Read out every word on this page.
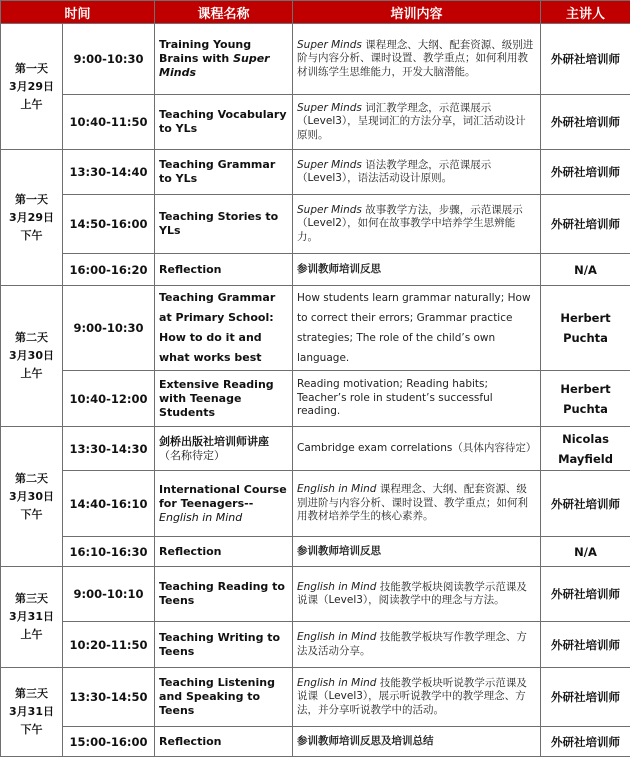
时间		课程名称	培训内容	主讲人

第一天
3月29日
上午	9:00-10:30	Training Young Brains with Super Minds	Super Minds 课程理念、大纲、配套资源、级别进阶与内容分析、课时设置、教学重点；如何利用教材训练学生思维能力，开发大脑潜能。	外研社培训师
	10:40-11:50	Teaching Vocabulary to YLs	Super Minds 词汇教学理念，示范课展示（Level3），呈现词汇的方法分享，词汇活动设计原则。	外研社培训师

第一天
3月29日
下午	13:30-14:40	Teaching Grammar to YLs	Super Minds 语法教学理念，示范课展示（Level3），语法活动设计原则。	外研社培训师
	14:50-16:00	Teaching Stories to YLs	Super Minds 故事教学方法，步骤，示范课展示（Level2），如何在故事教学中培养学生思辨能力。	外研社培训师
	16:00-16:20	Reflection	参训教师培训反思	N/A

第二天
3月30日
上午	9:00-10:30	Teaching Grammar at Primary School: How to do it and what works best	How students learn grammar naturally; How to correct their errors; Grammar practice strategies; The role of the child’s own language.	Herbert Puchta
	10:40-12:00	Extensive Reading with Teenage Students	Reading motivation; Reading habits; Teacher’s role in student’s successful reading.	Herbert Puchta

第二天
3月30日
下午	13:30-14:30	剑桥出版社培训师讲座
（名称待定）	Cambridge exam correlations（具体内容待定）	Nicolas Mayfield
	14:40-16:10	International Course for Teenagers-- English in Mind	English in Mind 课程理念、大纲、配套资源、级别进阶与内容分析、课时设置、教学重点；如何利用教材培养学生的核心素养。	外研社培训师
	16:10-16:30	Reflection	参训教师培训反思	N/A

第三天
3月31日
上午	9:00-10:10	Teaching Reading to Teens	English in Mind 技能教学板块阅读教学示范课及说课（Level3），阅读教学中的理念与方法。	外研社培训师
	10:20-11:50	Teaching Writing to Teens	English in Mind 技能教学板块写作教学理念、方法及活动分享。	外研社培训师

第三天
3月31日
下午	13:30-14:50	Teaching Listening and Speaking to Teens	English in Mind 技能教学板块听说教学示范课及说课（Level3），展示听说教学中的教学理念、方法，并分享听说教学中的活动。	外研社培训师
	15:00-16:00	Reflection	参训教师培训反思及培训总结	外研社培训师
